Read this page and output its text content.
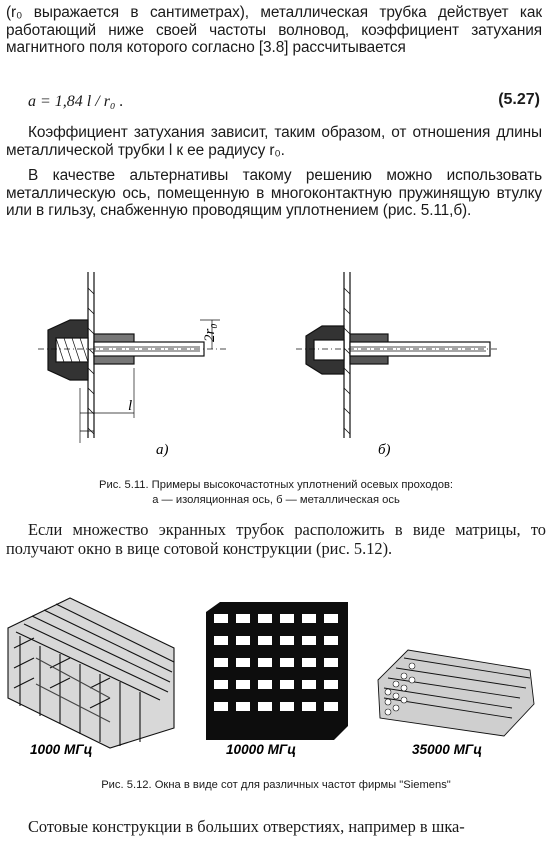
(r₀ выражается в сантиметрах), металлическая трубка действует как работающий ниже своей частоты волновод, коэффициент затухания магнитного поля которого согласно [3.8] рассчитывается

a = 1,84 l / r₀ .	(5.27)

Коэффициент затухания зависит, таким образом, от отношения длины металлической трубки l к ее радиусу r₀.

В качестве альтернативы такому решению можно использовать металлическую ось, помещенную в многоконтактную пружинящую втулку или в гильзу, снабженную проводящим уплотнением (рис. 5.11,б).

2r₀
l
а)	б)

Рис. 5.11. Примеры высокочастотных уплотнений осевых проходов:

а — изоляционная ось, б — металлическая ось

Если множество экранных трубок расположить в виде матрицы, то получают окно в вице сотовой конструкции (рис. 5.12).

1000 МГц	10000 МГц	35000 МГц

Рис. 5.12. Окна в виде сот для различных частот фирмы "Siemens"

Сотовые конструкции в больших отверстиях, например в шка-
